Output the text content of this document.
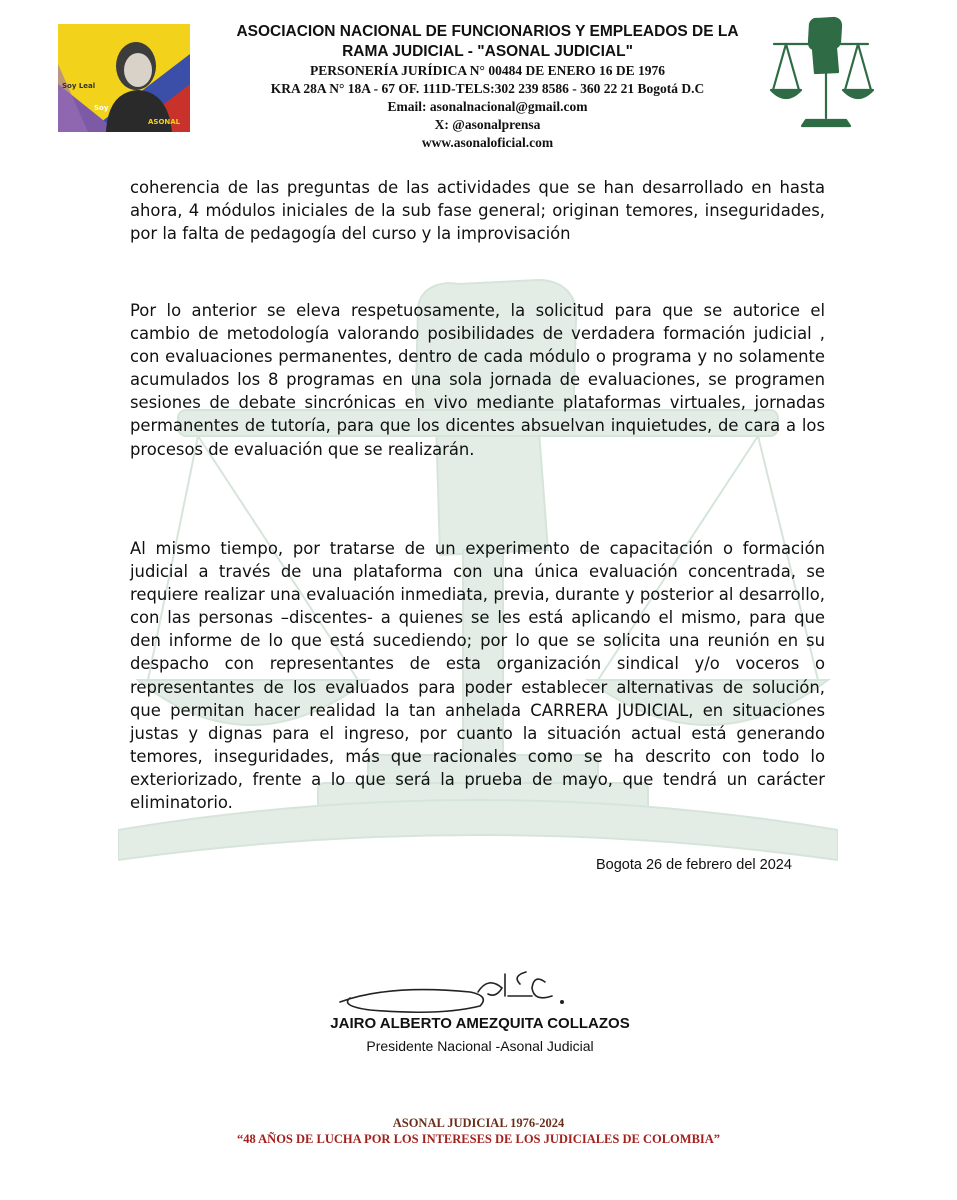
Soy Leal
Soy
ASONAL

ASOCIACION NACIONAL DE FUNCIONARIOS Y EMPLEADOS DE LA

RAMA JUDICIAL - "ASONAL JUDICIAL"

PERSONERÍA JURÍDICA N° 00484 DE ENERO 16 DE 1976

KRA 28A N° 18A - 67 OF. 111D-TELS:302 239 8586 - 360 22 21 Bogotá D.C

Email: asonalnacional@gmail.com

X: @asonalprensa

www.asonaloficial.com

coherencia de las preguntas de las actividades que se han desarrollado en hasta ahora, 4 módulos iniciales de la sub fase general; originan temores, inseguridades, por la falta de pedagogía del curso y la improvisación

Por lo anterior se eleva respetuosamente, la solicitud para que se autorice el cambio de metodología valorando posibilidades de verdadera formación judicial , con evaluaciones permanentes, dentro de cada módulo o programa y no solamente acumulados los 8 programas en una sola jornada de evaluaciones, se programen sesiones de debate sincrónicas en vivo mediante plataformas virtuales, jornadas permanentes de tutoría, para que los dicentes absuelvan inquietudes, de cara a los procesos de evaluación que se realizarán.

Al mismo tiempo, por tratarse de un experimento de capacitación o formación judicial a través de una plataforma con una única evaluación concentrada, se requiere realizar una evaluación inmediata, previa, durante y posterior al desarrollo, con las personas –discentes- a quienes se les está aplicando el mismo, para que den informe de lo que está sucediendo; por lo que se solicita una reunión en su despacho con representantes de esta organización sindical y/o voceros o representantes de los evaluados para poder establecer alternativas de solución, que permitan hacer realidad la tan anhelada CARRERA JUDICIAL, en situaciones justas y dignas para el ingreso, por cuanto la situación actual está generando temores, inseguridades, más que racionales como se ha descrito con todo lo exteriorizado, frente a lo que será la prueba de mayo, que tendrá un carácter eliminatorio.

Bogota 26 de febrero del 2024
JAIRO ALBERTO AMEZQUITA COLLAZOS
Presidente Nacional -Asonal Judicial
ASONAL JUDICIAL 1976-2024
“48 AÑOS DE LUCHA POR LOS INTERESES DE LOS JUDICIALES DE COLOMBIA”
